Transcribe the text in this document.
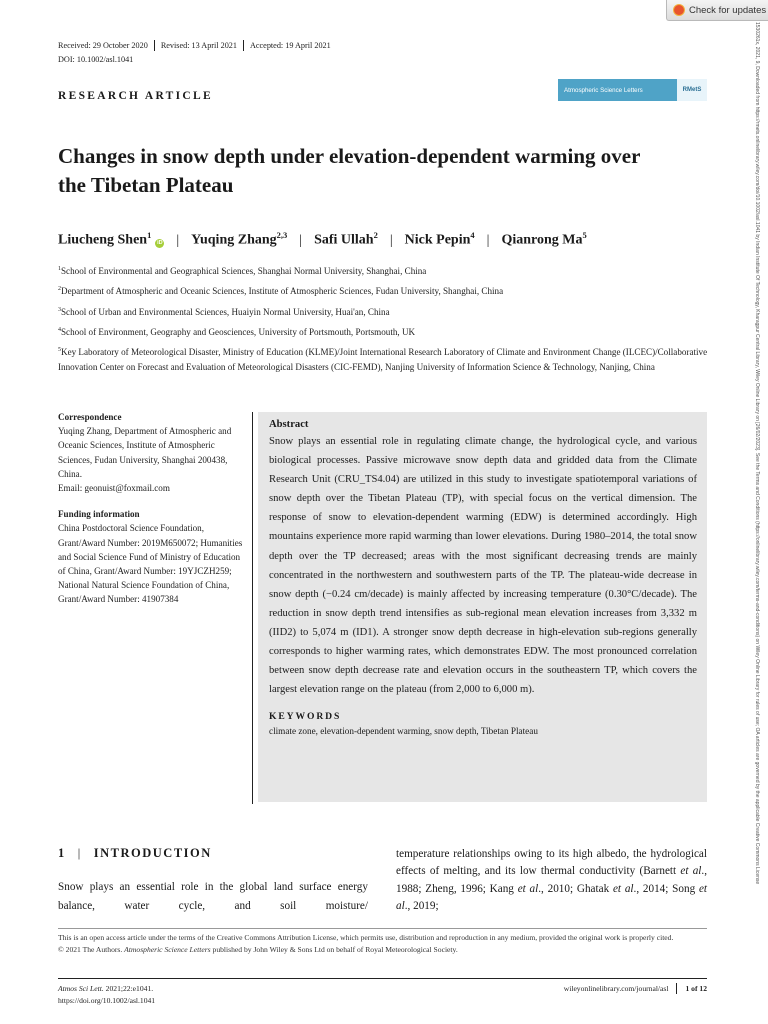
Check for updates
1530261x, 2021, 9, Downloaded from https://rmets.onlinelibrary.wiley.com/doi/10.1002/asl.1041 by Indian Institute Of Technology, Kharagpur Central Library, Wiley Online Library on [26/02/2023]. See the Terms and Conditions (https://onlinelibrary.wiley.com/terms-and-conditions) on Wiley Online Library for rules of use; OA articles are governed by the applicable Creative Commons License
Received: 29 October 2020 Revised: 13 April 2021 Accepted: 19 April 2021
DOI: 10.1002/asl.1041
RESEARCH ARTICLE	Atmospheric Science Letters	RMetS
Changes in snow depth under elevation-dependent warming over the Tibetan Plateau
Liucheng Shen$^1$
iD | Yuqing Zhang$^{2,3}$ | Safi Ullah$^2$ | Nick Pepin$^4$ | Qianrong Ma$^5$

$^1$School of Environmental and Geographical Sciences, Shanghai Normal University, Shanghai, China

$^2$Department of Atmospheric and Oceanic Sciences, Institute of Atmospheric Sciences, Fudan University, Shanghai, China

$^3$School of Urban and Environmental Sciences, Huaiyin Normal University, Huai'an, China

$^4$School of Environment, Geography and Geosciences, University of Portsmouth, Portsmouth, UK

$^5$Key Laboratory of Meteorological Disaster, Ministry of Education (KLME)/Joint International Research Laboratory of Climate and Environment Change (ILCEC)/Collaborative Innovation Center on Forecast and Evaluation of Meteorological Disasters (CIC-FEMD), Nanjing University of Information Science & Technology, Nanjing, China

Correspondence
Yuqing Zhang, Department of Atmospheric and Oceanic Sciences, Institute of Atmospheric Sciences, Fudan University, Shanghai 200438, China.
Email: geonuist@foxmail.com
Funding information
China Postdoctoral Science Foundation, Grant/Award Number: 2019M650072; Humanities and Social Science Fund of Ministry of Education of China, Grant/Award Number: 19YJCZH259; National Natural Science Foundation of China, Grant/Award Number: 41907384
Abstract
Snow plays an essential role in regulating climate change, the hydrological cycle, and various biological processes. Passive microwave snow depth data and gridded data from the Climate Research Unit (CRU_TS4.04) are utilized in this study to investigate spatiotemporal variations of snow depth over the Tibetan Plateau (TP), with special focus on the vertical dimension. The response of snow to elevation-dependent warming (EDW) is determined accordingly. High mountains experience more rapid warming than lower elevations. During 1980–2014, the total snow depth over the TP decreased; areas with the most significant decreasing trends are mainly concentrated in the northwestern and southwestern parts of the TP. The plateau-wide decrease in snow depth (−0.24 cm/decade) is mainly affected by increasing temperature (0.30°C/decade). The reduction in snow depth trend intensifies as sub-regional mean elevation increases from 3,332 m (IID2) to 5,074 m (ID1). A stronger snow depth decrease in high-elevation sub-regions generally corresponds to higher warming rates, which demonstrates EDW. The most pronounced correlation between snow depth decrease rate and elevation occurs in the southeastern TP, which covers the largest elevation range on the plateau (from 2,000 to 6,000 m).
KEYWORDS
climate zone, elevation-dependent warming, snow depth, Tibetan Plateau
1 | INTRODUCTION
Snow plays an essential role in the global land surface energy balance, water cycle, and soil moisture/
temperature relationships owing to its high albedo, the hydrological effects of melting, and its low thermal conductivity (Barnett et al., 1988; Zheng, 1996; Kang et al., 2010; Ghatak et al., 2014; Song et al., 2019;
This is an open access article under the terms of the Creative Commons Attribution License, which permits use, distribution and reproduction in any medium, provided the original work is properly cited.
© 2021 The Authors. Atmospheric Science Letters published by John Wiley & Sons Ltd on behalf of Royal Meteorological Society.
Atmos Sci Lett. 2021;22:e1041.
https://doi.org/10.1002/asl.1041
wileyonlinelibrary.com/journal/asl 1 of 12
